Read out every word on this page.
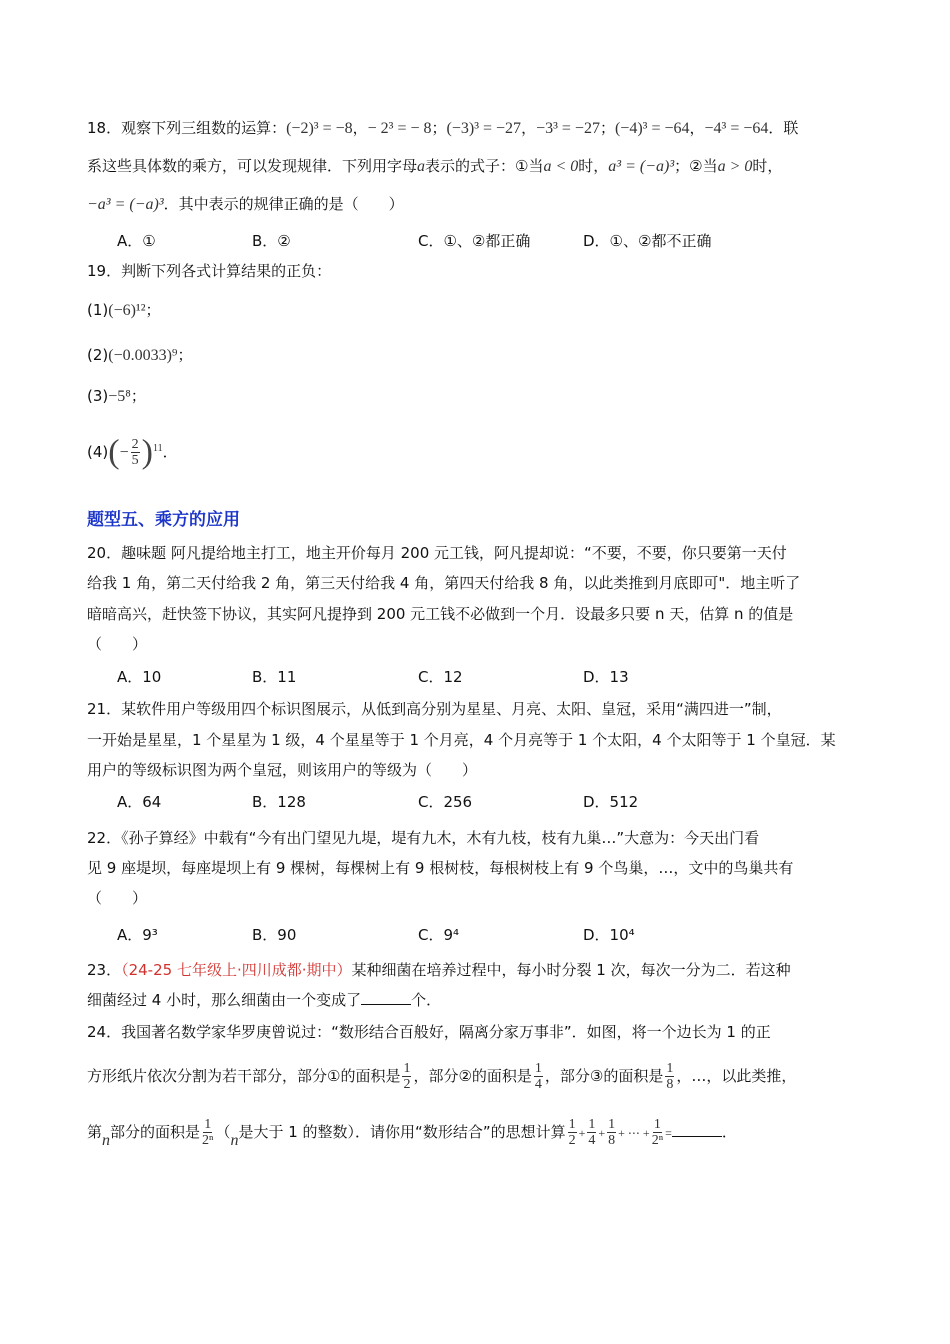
18．观察下列三组数的运算：(−2)³ = −8，− 2³ = − 8；(−3)³ = −27，−3³ = −27；(−4)³ = −64，−4³ = −64．联
系这些具体数的乘方，可以发现规律．下列用字母a表示的式子：①当a < 0时，a³ = (−a)³；②当a > 0时，
−a³ = (−a)³．其中表示的规律正确的是（　　）
A．①	B．②	C．①、②都正确	D．①、②都不正确
19．判断下列各式计算结果的正负：
(1)(−6)¹²；
(2)(−0.0033)⁹；
(3)−5⁸；
$(4)(- \frac{2}{5} )^{11}$．
题型五、乘方的应用
20．趣味题 阿凡提给地主打工，地主开价每月 200 元工钱，阿凡提却说：“不要，不要，你只要第一天付
给我 1 角，第二天付给我 2 角，第三天付给我 4 角，第四天付给我 8 角，以此类推到月底即可"．地主听了
暗暗高兴，赶快签下协议，其实阿凡提挣到 200 元工钱不必做到一个月．设最多只要 n 天，估算 n 的值是
（　　）
A．10	B．11	C．12	D．13
21．某软件用户等级用四个标识图展示，从低到高分别为星星、月亮、太阳、皇冠，采用“满四进一”制，
一开始是星星，1 个星星为 1 级，4 个星星等于 1 个月亮，4 个月亮等于 1 个太阳，4 个太阳等于 1 个皇冠．某
用户的等级标识图为两个皇冠，则该用户的等级为（　　）
A．64	B．128	C．256	D．512
22．《孙子算经》中载有“今有出门望见九堤，堤有九木，木有九枝，枝有九巢…”大意为：今天出门看
见 9 座堤坝，每座堤坝上有 9 棵树，每棵树上有 9 根树枝，每根树枝上有 9 个鸟巢，…，文中的鸟巢共有
（　　）
A．9³	B．90	C．9⁴	D．10⁴
23．（24-25 七年级上·四川成都·期中）某种细菌在培养过程中，每小时分裂 1 次，每次一分为二．若这种
细菌经过 4 小时，那么细菌由一个变成了	个．
24．我国著名数学家华罗庚曾说过：“数形结合百般好，隔离分家万事非”．如图，将一个边长为 1 的正
方形纸片依次分割为若干部分，部分①的面积是 $\frac{1}{2}$ ，部分②的面积是 $\frac{1}{4}$ ，部分③的面积是 $\frac{1}{8}$ ，…，以此类推，
第n部分的面积是 $\frac{1}{\text{2ⁿ}} (n$是大于 1 的整数）．请你用“数形结合”的思想计算 $\frac{1}{2} + \frac{1}{4} + \frac{1}{8}$ + ⋯ + $\frac{1}{\text{2ⁿ}}$ =	．
